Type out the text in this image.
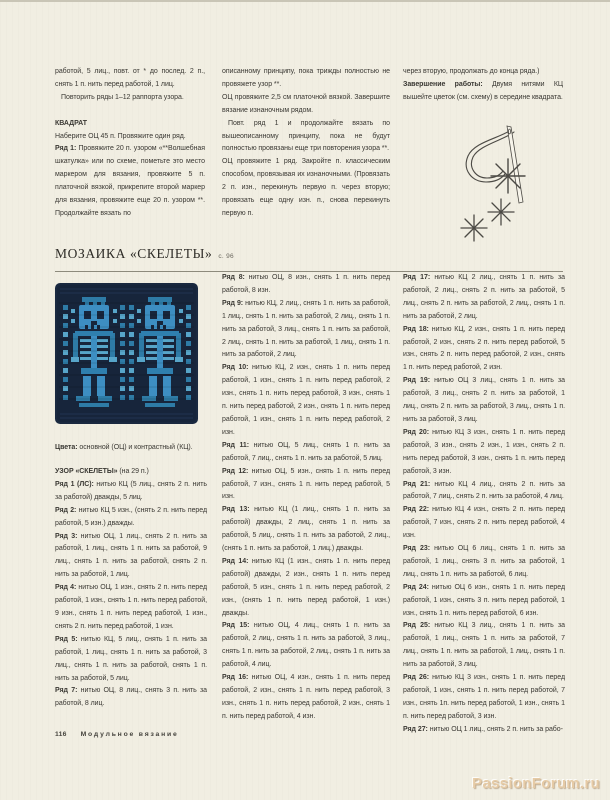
работой, 5 лиц., повт. от * до послед. 2 п., снять 1 п. нить перед работой, 1 лиц.

Повторить ряды 1–12 раппорта узора.

КВАДРАТ

Наберите ОЦ 45 п. Провяжите один ряд.

Ряд 1: Провяжите 20 п. узором «**Волшебная шкатулка» или по схеме, пометьте это место маркером для вязания, провяжите 5 п. платочной вязкой, прикрепите второй маркер для вязания, провяжите еще 20 п. узором **. Продолжайте вязать по

описанному принципу, пока трижды полностью не провяжете узор **.

ОЦ провяжите 2,5 см платочной вязкой. Завершите вязание изнаночным рядом.

Повт. ряд 1 и продолжайте вязать по вышеописанному принципу, пока не будут полностью провязаны еще три повторения узора **.

ОЦ провяжите 1 ряд. Закройте п. классическим способом, провязывая их изнаночными. (Провязать 2 п. изн., перекинуть первую п. через вторую; провязать еще одну изн. п., снова перекинуть первую п.

через вторую, продолжать до конца ряда.)

Завершение работы: Двумя нитями КЦ вышейте цветок (см. схему) в середине квадрата.

МОЗАИКА «СКЕЛЕТЫ» с. 96

Цвета: основной (ОЦ) и контрастный (КЦ).

УЗОР «СКЕЛЕТЫ» (на 29 п.)

Ряд 1 (ЛС): нитью КЦ (5 лиц., снять 2 п. нить за работой) дважды, 5 лиц.

Ряд 2: нитью КЦ 5 изн., (снять 2 п. нить перед работой, 5 изн.) дважды.

Ряд 3: нитью ОЦ, 1 лиц., снять 2 п. нить за работой, 1 лиц., снять 1 п. нить за работой, 9 лиц., снять 1 п. нить за работой, снять 2 п. нить за работой, 1 лиц.

Ряд 4: нитью ОЦ, 1 изн., снять 2 п. нить перед работой, 1 изн., снять 1 п. нить перед работой, 9 изн., снять 1 п. нить перед работой, 1 изн., снять 2 п. нить перед работой, 1 изн.

Ряд 5: нитью КЦ, 5 лиц., снять 1 п. нить за работой, 1 лиц., снять 1 п. нить за работой, 3 лиц., снять 1 п. нить за работой, снять 1 п. нить за работой, 5 лиц.

Ряд 7: нитью ОЦ, 8 лиц., снять 3 п. нить за работой, 8 лиц.

Ряд 8: нитью ОЦ, 8 изн., снять 1 п. нить перед работой, 8 изн.

Ряд 9: нитью КЦ, 2 лиц., снять 1 п. нить за работой, 1 лиц., снять 1 п. нить за работой, 2 лиц., снять 1 п. нить за работой, 3 лиц., снять 1 п. нить за работой, 2 лиц., снять 1 п. нить за работой, 1 лиц., снять 1 п. нить за работой, 2 лиц.

Ряд 10: нитью КЦ, 2 изн., снять 1 п. нить перед работой, 1 изн., снять 1 п. нить перед работой, 2 изн., снять 1 п. нить перед работой, 3 изн., снять 1 п. нить перед работой, 2 изн., снять 1 п. нить перед работой, 1 изн., снять 1 п. нить перед работой, 2 изн.

Ряд 11: нитью ОЦ, 5 лиц., снять 1 п. нить за работой, 7 лиц., снять 1 п. нить за работой, 5 лиц.

Ряд 12: нитью ОЦ, 5 изн., снять 1 п. нить перед работой, 7 изн., снять 1 п. нить перед работой, 5 изн.

Ряд 13: нитью КЦ (1 лиц., снять 1 п. нить за работой) дважды, 2 лиц., снять 1 п. нить за работой, 5 лиц., снять 1 п. нить за работой, 2 лиц., (снять 1 п. нить за работой, 1 лиц.) дважды.

Ряд 14: нитью КЦ (1 изн., снять 1 п. нить перед работой) дважды, 2 изн., снять 1 п. нить перед работой, 5 изн., снять 1 п. нить перед работой, 2 изн., (снять 1 п. нить перед работой, 1 изн.) дважды.

Ряд 15: нитью ОЦ, 4 лиц., снять 1 п. нить за работой, 2 лиц., снять 1 п. нить за работой, 3 лиц., снять 1 п. нить за работой, 2 лиц., снять 1 п. нить за работой, 4 лиц.

Ряд 16: нитью ОЦ, 4 изн., снять 1 п. нить перед работой, 2 изн., снять 1 п. нить перед работой, 3 изн., снять 1 п. нить перед работой, 2 изн., снять 1 п. нить перед работой, 4 изн.

Ряд 17: нитью КЦ 2 лиц., снять 1 п. нить за работой, 2 лиц., снять 2 п. нить за работой, 5 лиц., снять 2 п. нить за работой, 2 лиц., снять 1 п. нить за работой, 2 лиц.

Ряд 18: нитью КЦ, 2 изн., снять 1 п. нить перед работой, 2 изн., снять 2 п. нить перед работой, 5 изн., снять 2 п. нить перед работой, 2 изн., снять 1 п. нить перед работой, 2 изн.

Ряд 19: нитью ОЦ 3 лиц., снять 1 п. нить за работой, 3 лиц., снять 2 п. нить за работой, 1 лиц., снять 2 п. нить за работой, 3 лиц., снять 1 п. нить за работой, 3 лиц.

Ряд 20: нитью КЦ 3 изн., снять 1 п. нить перед работой, 3 изн., снять 2 изн., 1 изн., снять 2 п. нить перед работой, 3 изн., снять 1 п. нить перед работой, 3 изн.

Ряд 21: нитью КЦ 4 лиц., снять 2 п. нить за работой, 7 лиц., снять 2 п. нить за работой, 4 лиц.

Ряд 22: нитью КЦ 4 изн., снять 2 п. нить перед работой, 7 изн., снять 2 п. нить перед работой, 4 изн.

Ряд 23: нитью ОЦ 6 лиц., снять 1 п. нить за работой, 1 лиц., снять 3 п. нить за работой, 1 лиц., снять 1 п. нить за работой, 6 лиц.

Ряд 24: нитью ОЦ 6 изн., снять 1 п. нить перед работой, 1 изн., снять 3 п. нить перед работой, 1 изн., снять 1 п. нить перед работой, 6 изн.

Ряд 25: нитью КЦ 3 лиц., снять 1 п. нить за работой, 1 лиц., снять 1 п. нить за работой, 7 лиц., снять 1 п. нить за работой, 1 лиц., снять 1 п. нить за работой, 3 лиц.

Ряд 26: нитью КЦ 3 изн., снять 1 п. нить перед работой, 1 изн., снять 1 п. нить перед работой, 7 изн., снять 1п. нить перед работой, 1 изн., снять 1 п. нить перед работой, 3 изн.

Ряд 27: нитью ОЦ 1 лиц., снять 2 п. нить за рабо-

116 Модульное вязание
PassionForum.ru
